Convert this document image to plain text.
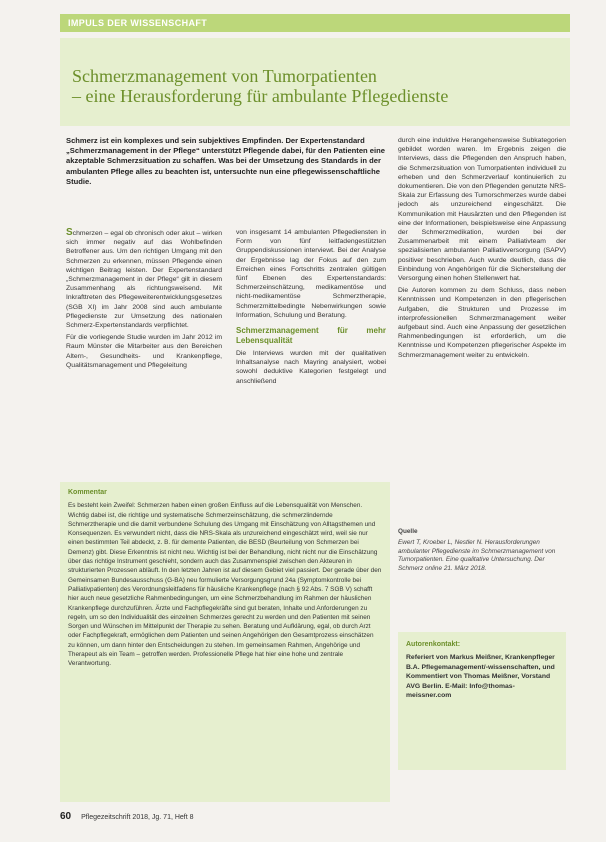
IMPULS DER WISSENSCHAFT
Schmerzmanagement von Tumorpatienten
– eine Herausforderung für ambulante Pflegedienste
Schmerz ist ein komplexes und sein subjektives Empfinden. Der Expertenstandard „Schmerzmanagement in der Pflege“ unterstützt Pflegende dabei, für den Patienten eine akzeptable Schmerzsituation zu schaffen. Was bei der Umsetzung des Standards in der ambulanten Pflege alles zu beachten ist, untersuchte nun eine pflegewissenschaftliche Studie.

Schmerzen – egal ob chronisch oder akut – wirken sich immer negativ auf das Wohlbefinden Betroffener aus. Um den richtigen Umgang mit den Schmerzen zu erkennen, müssen Pflegende einen wichtigen Beitrag leisten. Der Expertenstandard „Schmerzmanagement in der Pflege“ gilt in diesem Zusammenhang als richtungsweisend. Mit Inkrafttreten des Pflegeweiterentwicklungsgesetzes (SGB XI) im Jahr 2008 sind auch ambulante Pflegedienste zur Umsetzung des nationalen Schmerz-Expertenstandards verpflichtet.

Für die vorliegende Studie wurden im Jahr 2012 im Raum Münster die Mitarbeiter aus den Bereichen Altern-, Gesundheits- und Krankenpflege, Qualitätsmanagement und Pflegeleitung

von insgesamt 14 ambulanten Pflegediensten in Form von fünf leitfadengestützten Gruppendiskussionen interviewt. Bei der Analyse der Ergebnisse lag der Fokus auf den zum Erreichen eines Fortschritts zentralen gültigen fünf Ebenen des Expertenstandards: Schmerzeinschätzung, medikamentöse und nicht-medikamentöse Schmerztherapie, Schmerzmittelbedingte Nebenwirkungen sowie Information, Schulung und Beratung.

Schmerzmanagement für mehr Lebensqualität

Die Interviews wurden mit der qualitativen Inhaltsanalyse nach Mayring analysiert, wobei sowohl deduktive Kategorien festgelegt und anschließend

durch eine induktive Herangehensweise Subkategorien gebildet worden waren. Im Ergebnis zeigen die Interviews, dass die Pflegenden den Anspruch haben, die Schmerzsituation von Tumorpatienten individuell zu erheben und den Schmerzverlauf kontinuierlich zu dokumentieren. Die von den Pflegenden genutzte NRS-Skala zur Erfassung des Tumorschmerzes wurde dabei jedoch als unzureichend eingeschätzt. Die Kommunikation mit Hausärzten und den Pflegenden ist eine der Informationen, beispielsweise eine Anpassung der Schmerzmedikation, wurden bei der Zusammenarbeit mit einem Palliativteam der spezialisierten ambulanten Palliativversorgung (SAPV) positiver beschrieben. Auch wurde deutlich, dass die Einbindung von Angehörigen für die Sicherstellung der Versorgung einen hohen Stellenwert hat.

Die Autoren kommen zu dem Schluss, dass neben Kenntnissen und Kompetenzen in den pflegerischen Aufgaben, die Strukturen und Prozesse im interprofessionellen Schmerzmanagement weiter aufgebaut sind. Auch eine Anpassung der gesetzlichen Rahmenbedingungen ist erforderlich, um die Kenntnisse und Kompetenzen pflegerischer Aspekte im Schmerzmanagement weiter zu entwickeln.

Kommentar
Es besteht kein Zweifel: Schmerzen haben einen großen Einfluss auf die Lebensqualität von Menschen. Wichtig dabei ist, die richtige und systematische Schmerzeinschätzung, die schmerzlindernde Schmerztherapie und die damit verbundene Schulung des Umgang mit Einschätzung von Alltagsthemen und Konsequenzen. Es verwundert nicht, dass die NRS-Skala als unzureichend eingeschätzt wird, weil sie nur einen bestimmten Teil abdeckt, z. B. für demente Patienten, die BESD (Beurteilung von Schmerzen bei Demenz) gibt. Diese Erkenntnis ist nicht neu. Wichtig ist bei der Behandlung, nicht nicht nur die Einschätzung über das richtige Instrument geschieht, sondern auch das Zusammenspiel zwischen den Akteuren in strukturierten Prozessen abläuft. In den letzten Jahren ist auf diesem Gebiet viel passiert. Der gerade über den Gemeinsamen Bundesausschuss (G-BA) neu formulierte Versorgungsgrund 24a (Symptomkontrolle bei Palliativpatienten) des Verordnungsleitfadens für häusliche Krankenpflege (nach § 92 Abs. 7 SGB V) schafft hier auch neue gesetzliche Rahmenbedingungen, um eine Schmerzbehandlung im Rahmen der häuslichen Krankenpflege durchzuführen. Ärzte und Fachpflegekräfte sind gut beraten, Inhalte und Anforderungen zu regeln, um so den Individualität des einzelnen Schmerzes gerecht zu werden und den Patienten mit seinen Sorgen und Wünschen im Mittelpunkt der Therapie zu sehen. Beratung und Aufklärung, egal, ob durch Arzt oder Fachpflegekraft, ermöglichen dem Patienten und seinen Angehörigen den Gesamtprozess einschätzen zu können, um dann hinter den Entscheidungen zu stehen. Im gemeinsamen Rahmen, Angehörige und Therapeut als ein Team – getroffen werden. Professionelle Pflege hat hier eine hohe und zentrale Verantwortung.
Quelle
Ewert T, Kroeber L, Nestler N. Herausforderungen ambulanter Pflegedienste im Schmerzmanagement von Tumorpatienten. Eine qualitative Untersuchung. Der Schmerz online 21. März 2018.
Autorenkontakt:
Referiert von Markus Meißner, Krankenpfleger B.A. Pflegemanagement/-wissenschaften, und Kommentiert von Thomas Meißner, Vorstand AVG Berlin. E-Mail: Info@thomas-meissner.com
60 Pflegezeitschrift 2018, Jg. 71, Heft 8
